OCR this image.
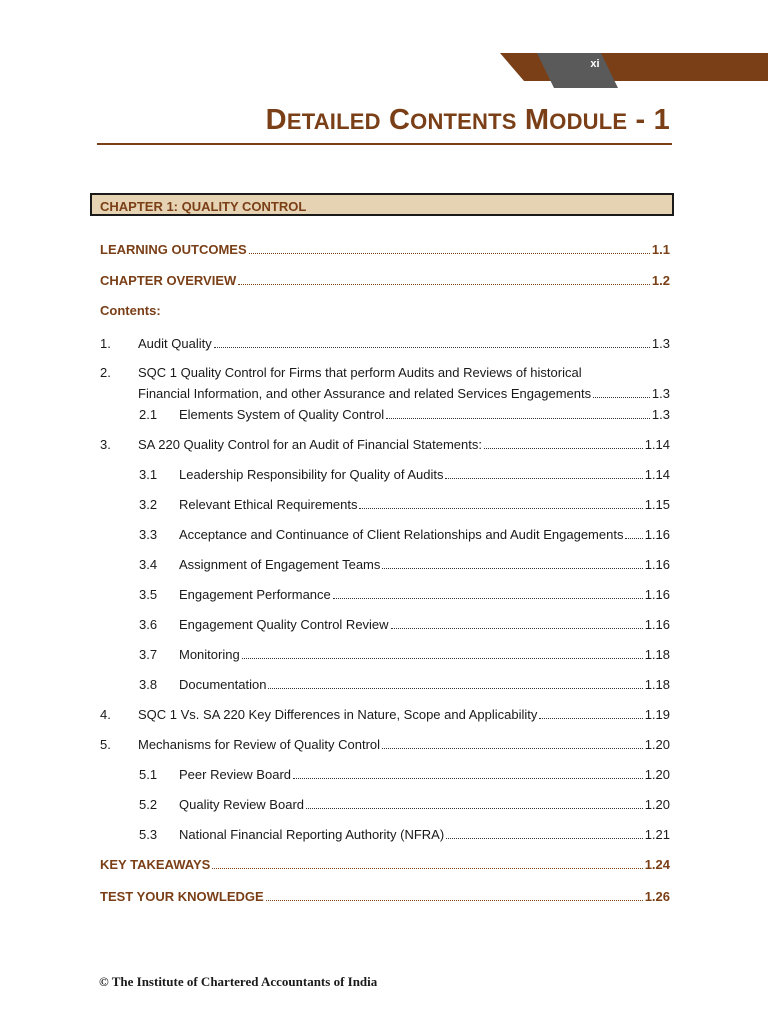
xi
DETAILED CONTENTS MODULE - 1
CHAPTER 1: QUALITY CONTROL
LEARNING OUTCOMES	1.1
CHAPTER OVERVIEW	1.2
Contents:
1.	Audit Quality	1.3
2. SQC 1 Quality Control for Firms that perform Audits and Reviews of historical
Financial Information, and other Assurance and related Services Engagements	1.3
2.1	Elements System of Quality Control	1.3
3.	SA 220 Quality Control for an Audit of Financial Statements:	1.14
3.1	Leadership Responsibility for Quality of Audits	1.14
3.2	Relevant Ethical Requirements	1.15
3.3	Acceptance and Continuance of Client Relationships and Audit Engagements 1.16
3.4	Assignment of Engagement Teams	1.16
3.5	Engagement Performance	1.16
3.6	Engagement Quality Control Review	1.16
3.7	Monitoring	1.18
3.8	Documentation	1.18
4.	SQC 1 Vs. SA 220 Key Differences in Nature, Scope and Applicability	1.19
5.	Mechanisms for Review of Quality Control	1.20
5.1	Peer Review Board	1.20
5.2	Quality Review Board	1.20
5.3	National Financial Reporting Authority (NFRA)	1.21
KEY TAKEAWAYS	1.24
TEST YOUR KNOWLEDGE	1.26
© The Institute of Chartered Accountants of India
